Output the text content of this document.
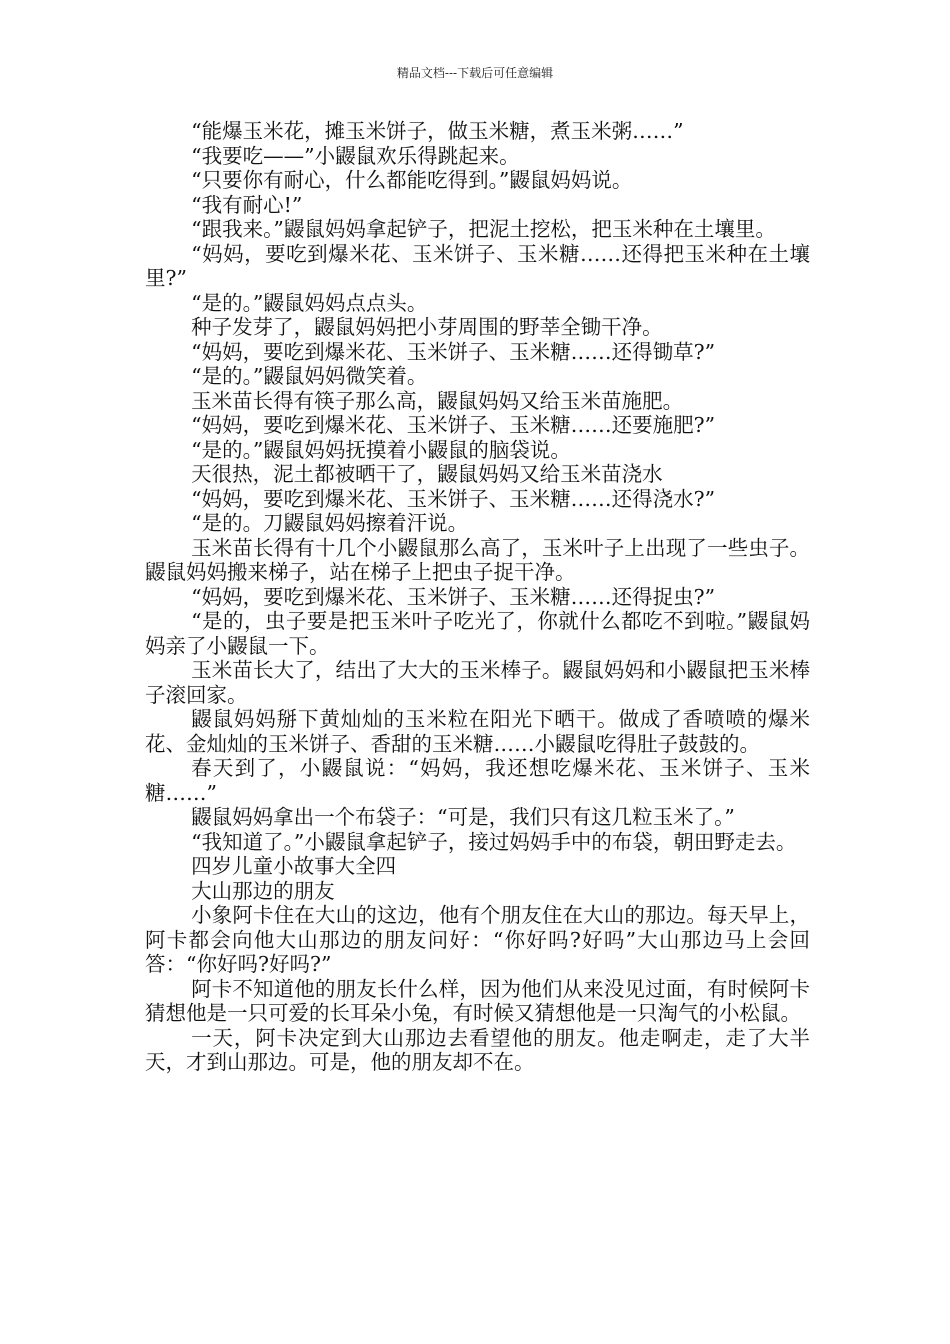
精品文档---下载后可任意编辑

“能爆玉米花，摊玉米饼子，做玉米糖，煮玉米粥……”

“我要吃——”小鼹鼠欢乐得跳起来。

“只要你有耐心，什么都能吃得到。”鼹鼠妈妈说。

“我有耐心!”

“跟我来。”鼹鼠妈妈拿起铲子，把泥土挖松，把玉米种在土壤里。

“妈妈，要吃到爆米花、玉米饼子、玉米糖……还得把玉米种在土壤里?”

“是的。”鼹鼠妈妈点点头。

种子发芽了，鼹鼠妈妈把小芽周围的野莘全锄干净。

“妈妈，要吃到爆米花、玉米饼子、玉米糖……还得锄草?”

“是的。”鼹鼠妈妈微笑着。

玉米苗长得有筷子那么高，鼹鼠妈妈又给玉米苗施肥。

“妈妈，要吃到爆米花、玉米饼子、玉米糖……还要施肥?”

“是的。”鼹鼠妈妈抚摸着小鼹鼠的脑袋说。

天很热，泥土都被晒干了，鼹鼠妈妈又给玉米苗浇水

“妈妈，要吃到爆米花、玉米饼子、玉米糖……还得浇水?”

“是的。刀鼹鼠妈妈擦着汗说。

玉米苗长得有十几个小鼹鼠那么高了，玉米叶子上出现了一些虫子。鼹鼠妈妈搬来梯子，站在梯子上把虫子捉干净。

“妈妈，要吃到爆米花、玉米饼子、玉米糖……还得捉虫?”

“是的，虫子要是把玉米叶子吃光了，你就什么都吃不到啦。”鼹鼠妈妈亲了小鼹鼠一下。

玉米苗长大了，结出了大大的玉米棒子。鼹鼠妈妈和小鼹鼠把玉米棒子滚回家。

鼹鼠妈妈掰下黄灿灿的玉米粒在阳光下晒干。做成了香喷喷的爆米花、金灿灿的玉米饼子、香甜的玉米糖……小鼹鼠吃得肚子鼓鼓的。

春天到了，小鼹鼠说：“妈妈，我还想吃爆米花、玉米饼子、玉米糖……”

鼹鼠妈妈拿出一个布袋子：“可是，我们只有这几粒玉米了。”

“我知道了。”小鼹鼠拿起铲子，接过妈妈手中的布袋，朝田野走去。

四岁儿童小故事大全四

大山那边的朋友

小象阿卡住在大山的这边，他有个朋友住在大山的那边。每天早上，阿卡都会向他大山那边的朋友问好：“你好吗?好吗”大山那边马上会回答：“你好吗?好吗?”

阿卡不知道他的朋友长什么样，因为他们从来没见过面，有时候阿卡猜想他是一只可爱的长耳朵小兔，有时候又猜想他是一只淘气的小松鼠。

一天，阿卡决定到大山那边去看望他的朋友。他走啊走，走了大半天，才到山那边。可是，他的朋友却不在。
